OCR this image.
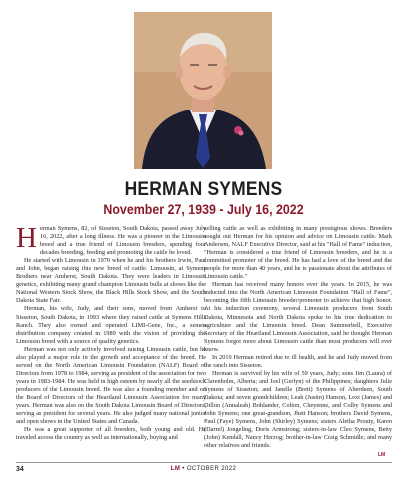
HERMAN SYMENS
November 27, 1939 - July 16, 2022

Herman Symens, 82, of Sisseton, South Dakota, passed away July 16, 2022, after a long illness. He was a pioneer in the Limousin breed and a true friend of Limousin breeders, spending four decades breeding, feeding and promoting the cattle he loved.

He started with Limousin in 1970 when he and his brothers Irwin, Paul and John, began raising this new breed of cattle. Limousin, at Symens Brothers near Amherst, South Dakota. They were leaders in Limousin genetics, exhibiting many grand champion Limousin bulls at shows like the National Western Stock Show, the Black Hills Stock Show, and the South Dakota State Fair.

Herman, his wife, Judy, and their sons, moved from Amherst to Sisseton, South Dakota, in 1993 where they raised cattle at Symens Hills Ranch. They also owned and operated LIMI-Gene, Inc., a semen distribution company created in 1989 with the vision of providing the Limousin breed with a source of quality genetics.

Herman was not only actively involved raising Limousin cattle, but he also played a major role in the growth and acceptance of the breed. He served on the North American Limousin Foundation (NALF) Board of Directors from 1978 to 1984, serving as president of the association for two years in 1983-1984. He was held in high esteem by nearly all the seedstock producers of the Limousin breed. He was also a founding member and on the Board of Directors of the Heartland Limousin Association for many years. Herman was also on the South Dakota Limousin Board of Directors, serving as president for several years. He also judged many national junior and open shows in the United States and Canada.

He was a great supporter of all breeders, both young and old. He traveled across the country as well as internationally, buying and

selling cattle as well as exhibiting in many prestigious shows. Breeders sought out Herman for his opinion and advice on Limousin cattle. Mark Anderson, NALF Executive Director, said at his "Hall of Fame" induction, "Herman is considered a true friend of Limousin breeders, and he is a committed promoter of the breed. He has had a love of the breed and the people for more than 40 years, and he is passionate about the attributes of Limousin cattle."

Herman has received many honors over the years. In 2015, he was inducted into the North American Limousin Foundation "Hall of Fame", becoming the fifth Limousin breeder/promoter to achieve that high honor. At his induction ceremony, several Limousin producers from South Dakota, Minnesota and North Dakota spoke to his true dedication to agriculture and the Limousin breed. Dean Summerbell, Executive Secretary of the Heartland Limousin Association, said he thought Herman Symens forgot more about Limousin cattle than most producers will ever know.

In 2019 Herman retired due to ill health, and he and Judy moved from the ranch into Sisseton.

Herman is survived by his wife of 59 years, Judy; sons Jim (Laura) of Clarenholm, Alberta; and Joel (Gerlyn) of the Philippines; daughters Julie Symens of Sisseton; and Janelle (Brett) Symens of Aberdeen, South Dakota; and seven grandchildren; Leah (Justin) Hanson, Lexi (James) and Dillon (Annaleah) Bohlander, Colton, Cheyenne, and Colby Symens and John Symens; one great-grandson, Jhett Hanson; brothers David Symens, Paul (Faye) Symens, John (Shirley) Symens; sisters Aletha Prouty, Karen (Darrel) Jongeling, Doris Armstrong; sisters-in-law Cleo Symens, Betty (John) Kendall, Nancy Herzog; brother-in-law Craig Schmidle; and many other relatives and friends.

LM
34	LM • OCTOBER 2022
